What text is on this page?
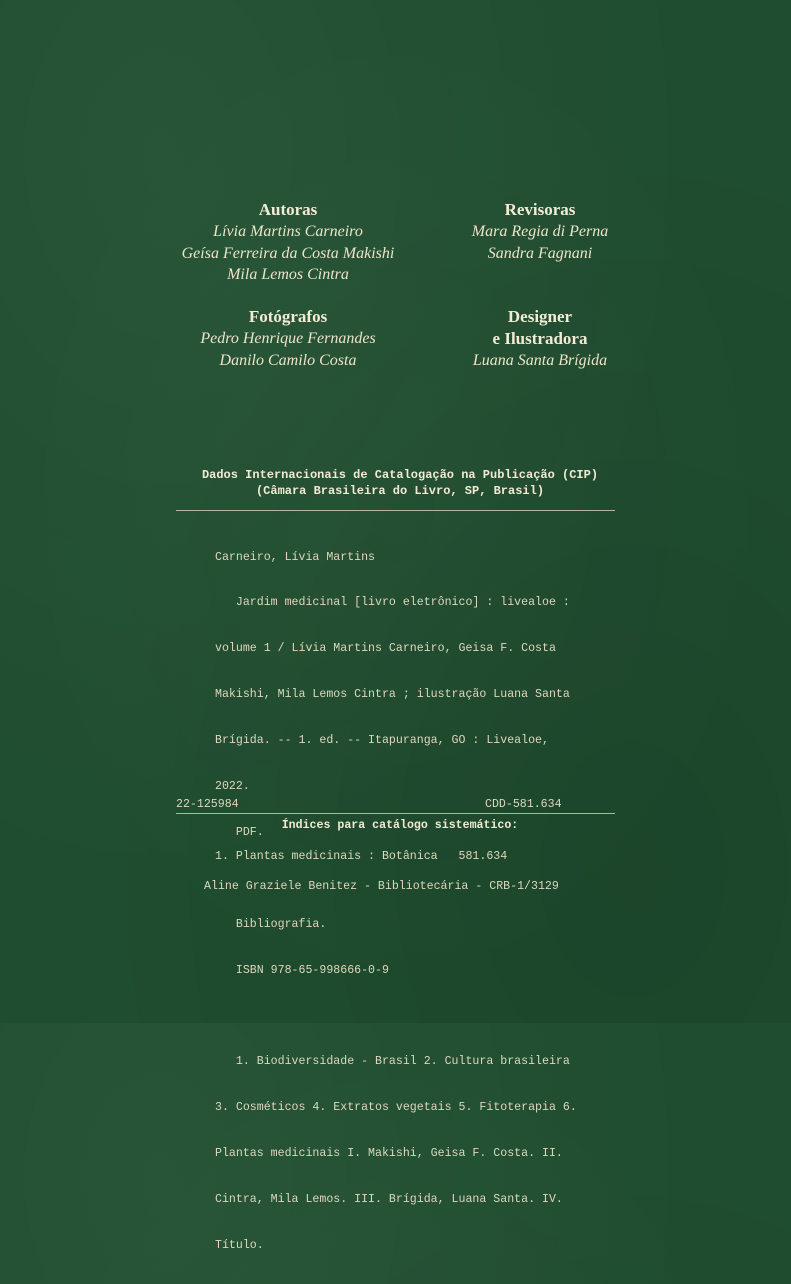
Autoras
Lívia Martins Carneiro
Geísa Ferreira da Costa Makishi
Mila Lemos Cintra
Revisoras
Mara Regia di Perna
Sandra Fagnani
Fotógrafos
Pedro Henrique Fernandes
Danilo Camilo Costa
Designer
e Ilustradora
Luana Santa Brígida
Dados Internacionais de Catalogação na Publicação (CIP)
(Câmara Brasileira do Livro, SP, Brasil)

Carneiro, Lívia Martins

Jardim medicinal [livro eletrônico] : livealoe :

volume 1 / Lívia Martins Carneiro, Geisa F. Costa

Makishi, Mila Lemos Cintra ; ilustração Luana Santa

Brígida. -- 1. ed. -- Itapuranga, GO : Livealoe,

2022.

PDF.

Bibliografia.

ISBN 978-65-998666-0-9

1. Biodiversidade - Brasil 2. Cultura brasileira

3. Cosméticos 4. Extratos vegetais 5. Fitoterapia 6.

Plantas medicinais I. Makishi, Geisa F. Costa. II.

Cintra, Mila Lemos. III. Brígida, Luana Santa. IV.

Título.

22-125984	CDD-581.634
Índices para catálogo sistemático:
1. Plantas medicinais : Botânica   581.634
Aline Graziele Benitez - Bibliotecária - CRB-1/3129
